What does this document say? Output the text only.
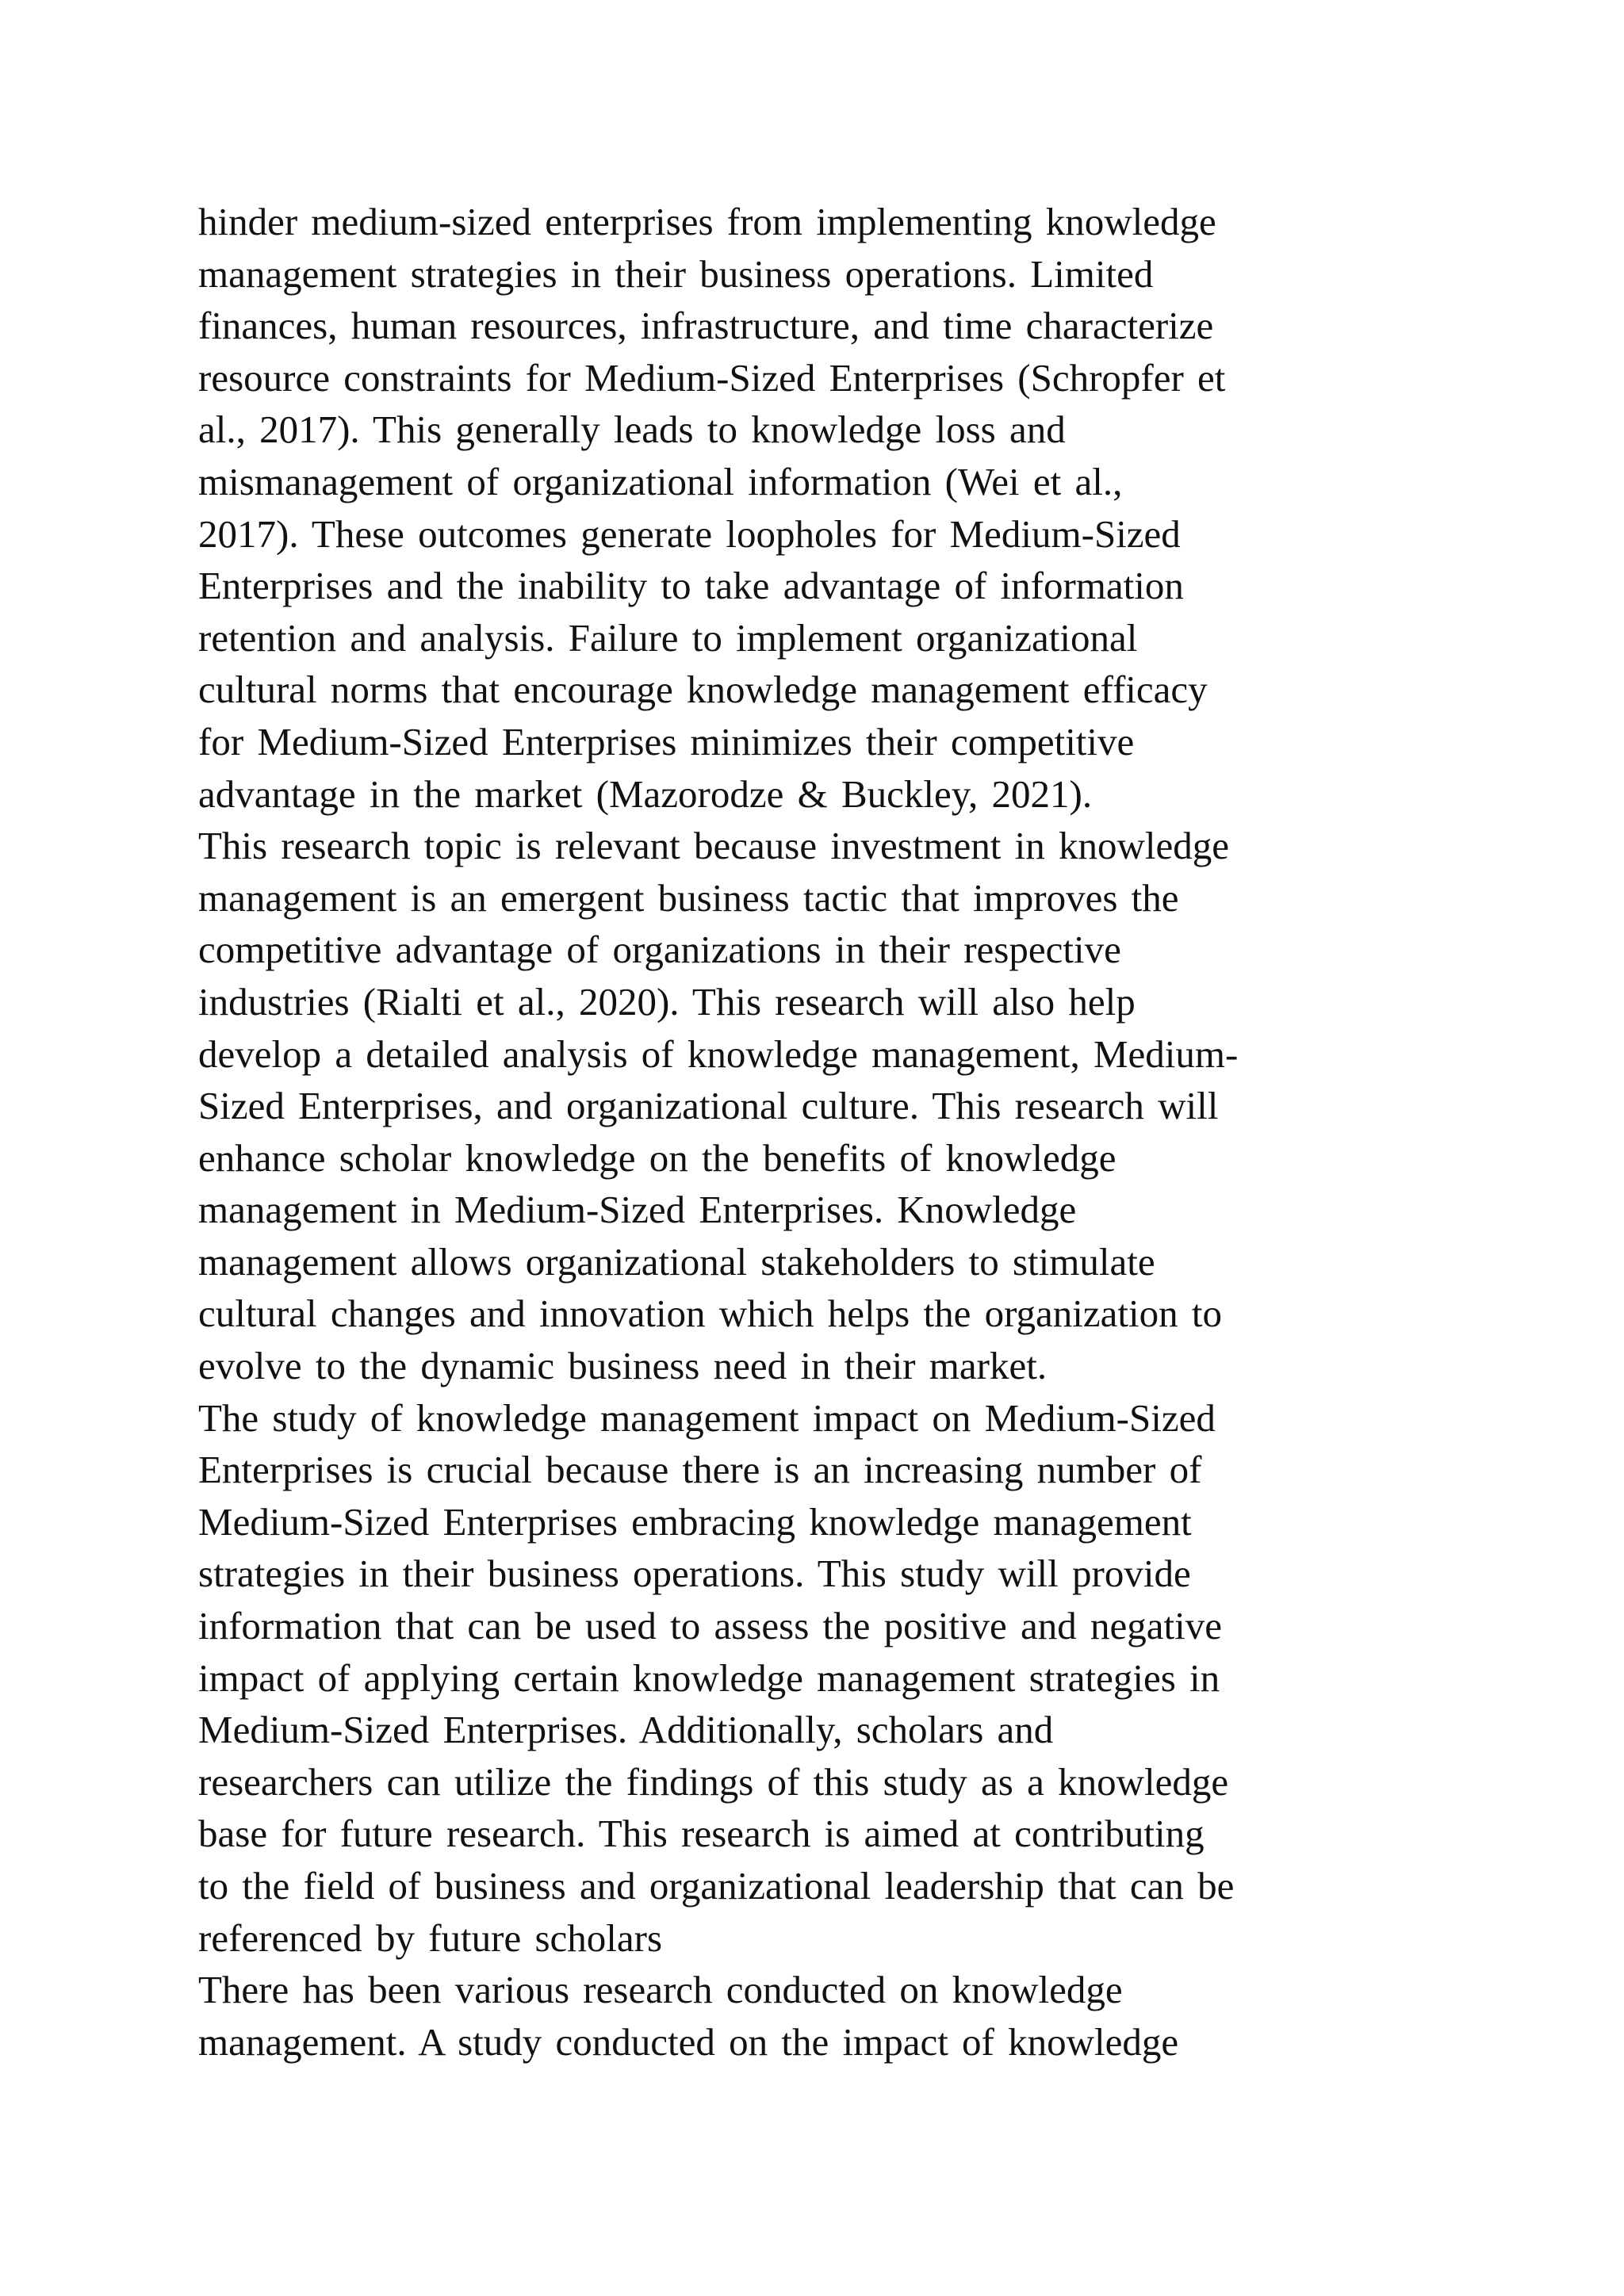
hinder medium-sized enterprises from implementing knowledge
management strategies in their business operations. Limited
finances, human resources, infrastructure, and time characterize
resource constraints for Medium-Sized Enterprises (Schropfer et
al., 2017). This generally leads to knowledge loss and
mismanagement of organizational information (Wei et al.,
2017). These outcomes generate loopholes for Medium-Sized
Enterprises and the inability to take advantage of information
retention and analysis. Failure to implement organizational
cultural norms that encourage knowledge management efficacy
for Medium-Sized Enterprises minimizes their competitive
advantage in the market (Mazorodze & Buckley, 2021).
This research topic is relevant because investment in knowledge
management is an emergent business tactic that improves the
competitive advantage of organizations in their respective
industries (Rialti et al., 2020). This research will also help
develop a detailed analysis of knowledge management, Medium-
Sized Enterprises, and organizational culture. This research will
enhance scholar knowledge on the benefits of knowledge
management in Medium-Sized Enterprises. Knowledge
management allows organizational stakeholders to stimulate
cultural changes and innovation which helps the organization to
evolve to the dynamic business need in their market.
The study of knowledge management impact on Medium-Sized
Enterprises is crucial because there is an increasing number of
Medium-Sized Enterprises embracing knowledge management
strategies in their business operations. This study will provide
information that can be used to assess the positive and negative
impact of applying certain knowledge management strategies in
Medium-Sized Enterprises. Additionally, scholars and
researchers can utilize the findings of this study as a knowledge
base for future research. This research is aimed at contributing
to the field of business and organizational leadership that can be
referenced by future scholars
There has been various research conducted on knowledge
management. A study conducted on the impact of knowledge
